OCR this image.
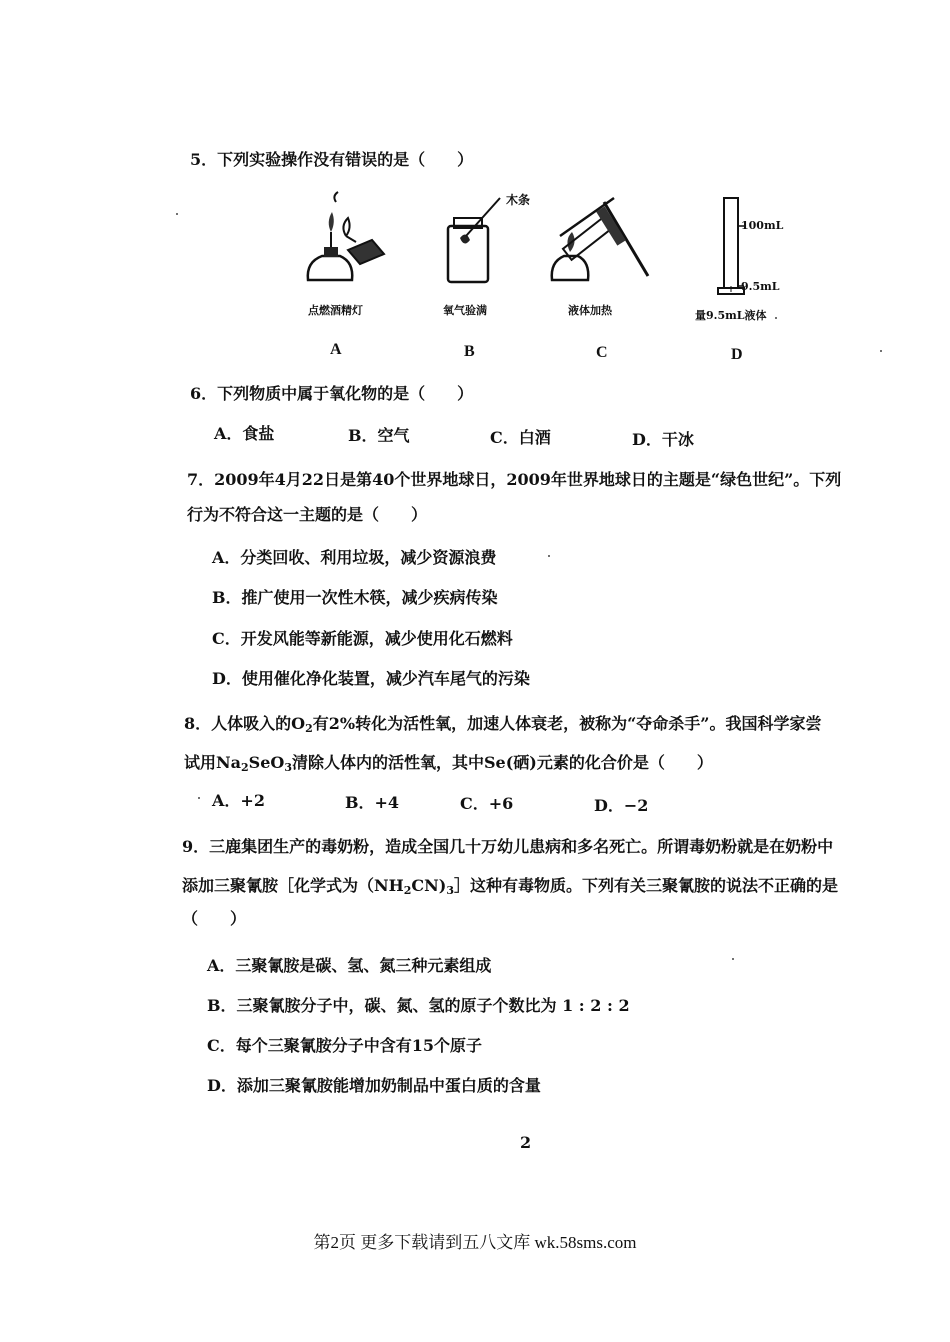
5．下列实验操作没有错误的是（　　）
点燃酒精灯
木条
氧气验满	液体加热
100mL
9.5mL
量9.5mL液体
A	B	C	D
6．下列物质中属于氧化物的是（　　）
A．食盐	B．空气	C．白酒	D．干冰
7．2009年4月22日是第40个世界地球日，2009年世界地球日的主题是“绿色世纪”。下列
行为不符合这一主题的是（　　）
A．分类回收、利用垃圾，减少资源浪费
B．推广使用一次性木筷，减少疾病传染
C．开发风能等新能源，减少使用化石燃料
D．使用催化净化装置，减少汽车尾气的污染
8．人体吸入的$O_2$有2%转化为活性氧，加速人体衰老，被称为“夺命杀手”。我国科学家尝
试用$Na_2SeO_3$清除人体内的活性氧，其中Se(硒)元素的化合价是（　　）
A．+2	B．+4	C．+6	D．−2
9．三鹿集团生产的毒奶粉，造成全国几十万幼儿患病和多名死亡。所谓毒奶粉就是在奶粉中
添加三聚氰胺［化学式为$(NH_2CN)_3]$这种有毒物质。下列有关三聚氰胺的说法不正确的是
（　　）
A．三聚氰胺是碳、氢、氮三种元素组成
B．三聚氰胺分子中，碳、氮、氢的原子个数比为 1 : 2 : 2
C．每个三聚氰胺分子中含有15个原子
D．添加三聚氰胺能增加奶制品中蛋白质的含量
2
第2页 更多下载请到五八文库 wk.58sms.com
